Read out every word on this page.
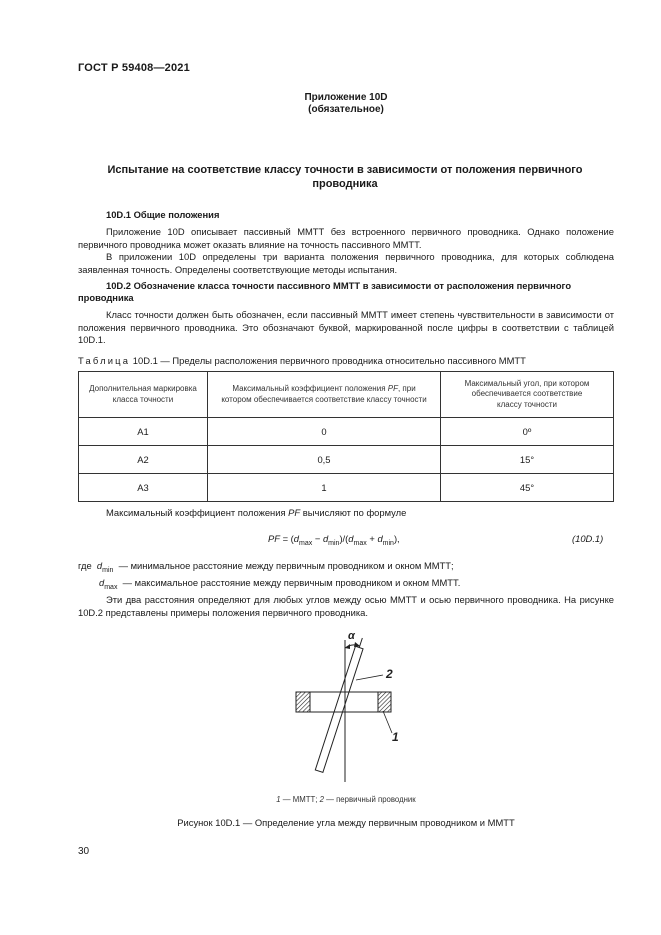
ГОСТ Р 59408—2021
Приложение 10D
(обязательное)
Испытание на соответствие классу точности в зависимости от положения первичного проводника
10D.1 Общие положения
Приложение 10D описывает пассивный ММТТ без встроенного первичного проводника. Однако положение первичного проводника может оказать влияние на точность пассивного ММТТ.
В приложении 10D определены три варианта положения первичного проводника, для которых соблюдена заявленная точность. Определены соответствующие методы испытания.
10D.2 Обозначение класса точности пассивного ММТТ в зависимости от расположения первичного проводника
Класс точности должен быть обозначен, если пассивный ММТТ имеет степень чувствительности в зависимости от положения первичного проводника. Это обозначают буквой, маркированной после цифры в соответствии с таблицей 10D.1.
Таблица 10D.1 — Пределы расположения первичного проводника относительно пассивного ММТТ
Дополнительная маркировка класса точности	Максимальный коэффициент положения PF, при котором обеспечивается соответствие классу точности	Максимальный угол, при котором обеспечивается соответствие классу точности
А1	0	0º
А2	0,5	15°
А3	1	45°
Максимальный коэффициент положения PF вычисляют по формуле
PF = $(d_{max} - d_{min})/(d_{max} + d_{min})$,	(10D.1)
где $d_{min}$ — минимальное расстояние между первичным проводником и окном ММТТ;
$d_{max}$ — максимальное расстояние между первичным проводником и окном ММТТ.
Эти два расстояния определяют для любых углов между осью ММТТ и осью первичного проводника. На рисунке 10D.2 представлены примеры положения первичного проводника.
α
2
1
1 — ММТТ; 2 — первичный проводник
Рисунок 10D.1 — Определение угла между первичным проводником и ММТТ
30
